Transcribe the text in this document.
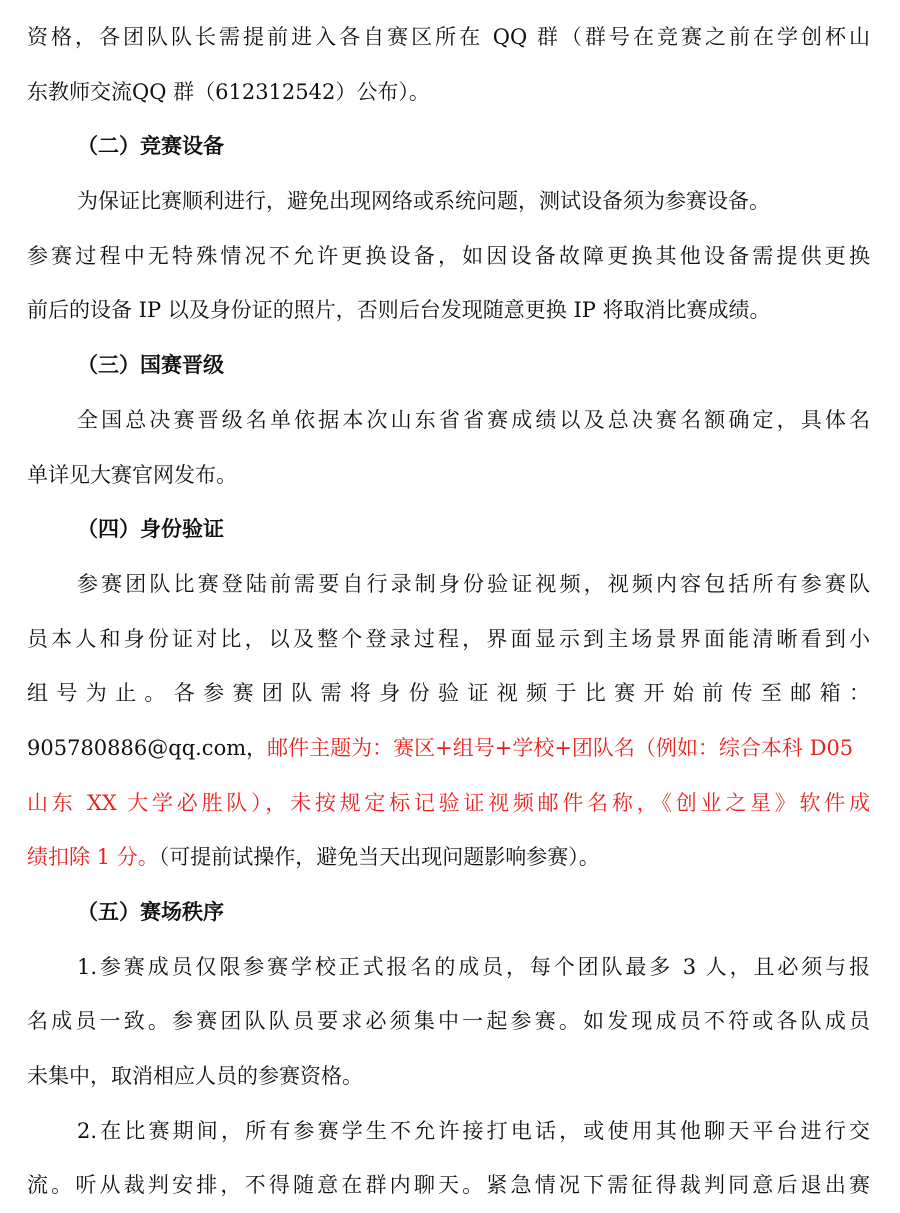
资格，各团队队长需提前进入各自赛区所在 QQ 群（群号在竞赛之前在学创杯山
东教师交流QQ 群（612312542）公布）。
（二）竞赛设备
为保证比赛顺利进行，避免出现网络或系统问题，测试设备须为参赛设备。
参赛过程中无特殊情况不允许更换设备，如因设备故障更换其他设备需提供更换
前后的设备 IP 以及身份证的照片，否则后台发现随意更换 IP 将取消比赛成绩。
（三）国赛晋级
全国总决赛晋级名单依据本次山东省省赛成绩以及总决赛名额确定，具体名
单详见大赛官网发布。
（四）身份验证
参赛团队比赛登陆前需要自行录制身份验证视频，视频内容包括所有参赛队
员本人和身份证对比，以及整个登录过程，界面显示到主场景界面能清晰看到小
组号为止。各参赛团队需将身份验证视频于比赛开始前传至邮箱：
905780886@qq.com，邮件主题为：赛区+组号+学校+团队名（例如：综合本科 D05
山东 XX 大学必胜队），未按规定标记验证视频邮件名称，《创业之星》软件成
绩扣除 1 分。（可提前试操作，避免当天出现问题影响参赛）。
（五）赛场秩序
1.参赛成员仅限参赛学校正式报名的成员，每个团队最多 3 人，且必须与报
名成员一致。参赛团队队员要求必须集中一起参赛。如发现成员不符或各队成员
未集中，取消相应人员的参赛资格。
2.在比赛期间，所有参赛学生不允许接打电话，或使用其他聊天平台进行交
流。听从裁判安排，不得随意在群内聊天。紧急情况下需征得裁判同意后退出赛
